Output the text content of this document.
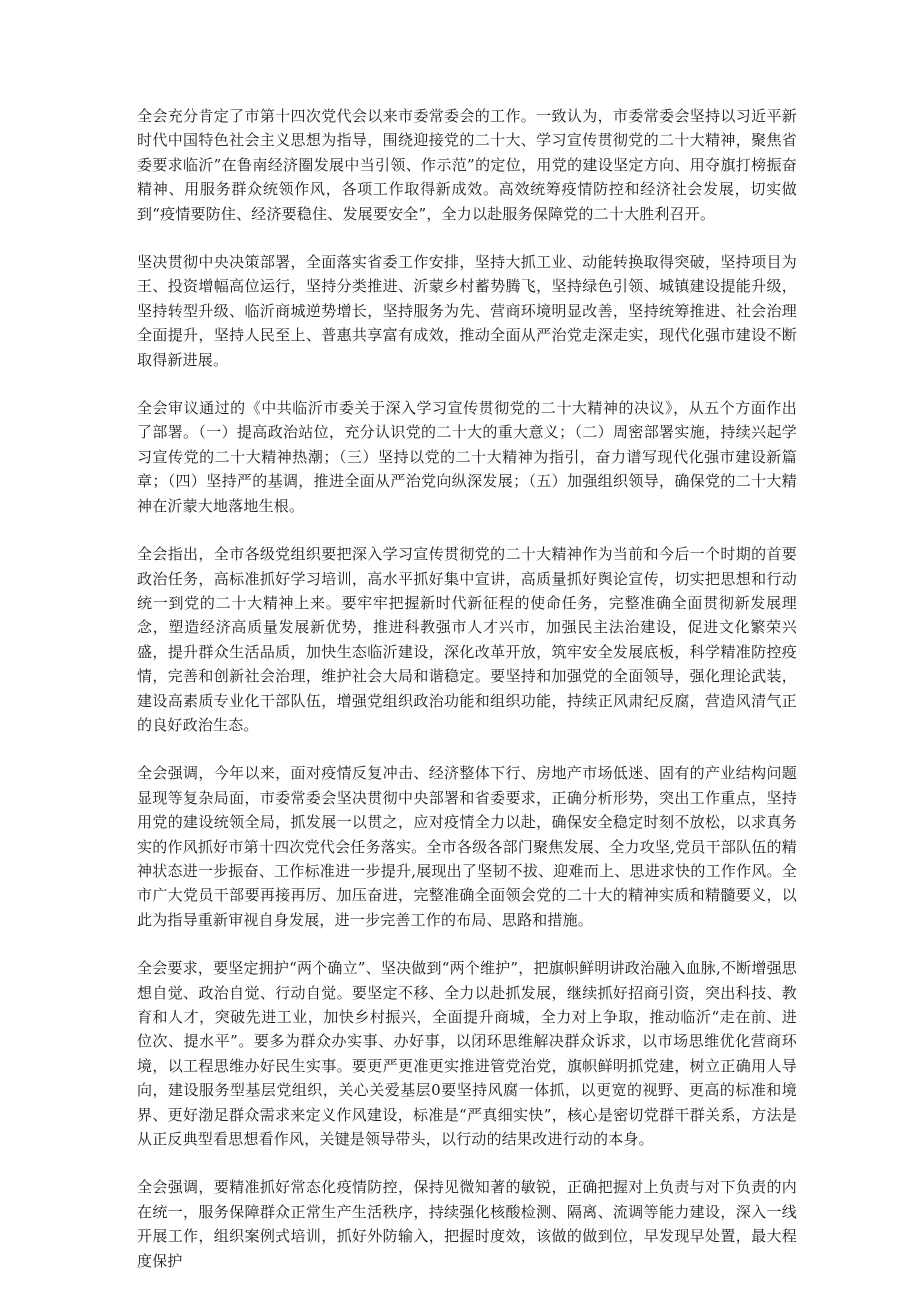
全会充分肯定了市第十四次党代会以来市委常委会的工作。一致认为，市委常委会坚持以习近平新时代中国特色社会主义思想为指导，围绕迎接党的二十大、学习宣传贯彻党的二十大精神，聚焦省委要求临沂”在鲁南经济圈发展中当引领、作示范”的定位，用党的建设坚定方向、用夺旗打榜振奋精神、用服务群众统领作风，各项工作取得新成效。高效统筹疫情防控和经济社会发展，切实做到“疫情要防住、经济要稳住、发展要安全”，全力以赴服务保障党的二十大胜利召开。

坚决贯彻中央决策部署，全面落实省委工作安排，坚持大抓工业、动能转换取得突破，坚持项目为王、投资增幅高位运行，坚持分类推进、沂蒙乡村蓄势腾飞，坚持绿色引领、城镇建设提能升级，坚持转型升级、临沂商城逆势增长，坚持服务为先、营商环境明显改善，坚持统筹推进、社会治理全面提升，坚持人民至上、普惠共享富有成效，推动全面从严治党走深走实，现代化强市建设不断取得新进展。

全会审议通过的《中共临沂市委关于深入学习宣传贯彻党的二十大精神的决议》，从五个方面作出了部署。（一）提高政治站位，充分认识党的二十大的重大意义；（二）周密部署实施，持续兴起学习宣传党的二十大精神热潮；（三）坚持以党的二十大精神为指引，奋力谱写现代化强市建设新篇章；（四）坚持严的基调，推进全面从严治党向纵深发展；（五）加强组织领导，确保党的二十大精神在沂蒙大地落地生根。

全会指出，全市各级党组织要把深入学习宣传贯彻党的二十大精神作为当前和今后一个时期的首要政治任务，高标准抓好学习培训，高水平抓好集中宣讲，高质量抓好舆论宣传，切实把思想和行动统一到党的二十大精神上来。要牢牢把握新时代新征程的使命任务，完整准确全面贯彻新发展理念，塑造经济高质量发展新优势，推进科教强市人才兴市，加强民主法治建设，促进文化繁荣兴盛，提升群众生活品质，加快生态临沂建设，深化改革开放，筑牢安全发展底板，科学精准防控疫情，完善和创新社会治理，维护社会大局和谐稳定。要坚持和加强党的全面领导，强化理论武装，建设高素质专业化干部队伍，增强党组织政治功能和组织功能，持续正风肃纪反腐，营造风清气正的良好政治生态。

全会强调，今年以来，面对疫情反复冲击、经济整体下行、房地产市场低迷、固有的产业结构问题显现等复杂局面，市委常委会坚决贯彻中央部署和省委要求，正确分析形势，突出工作重点，坚持用党的建设统领全局，抓发展一以贯之，应对疫情全力以赴，确保安全稳定时刻不放松，以求真务实的作风抓好市第十四次党代会任务落实。全市各级各部门聚焦发展、全力攻坚,党员干部队伍的精神状态进一步振奋、工作标准进一步提升,展现出了坚韧不拔、迎难而上、思进求快的工作作风。全市广大党员干部要再接再厉、加压奋进，完整准确全面领会党的二十大的精神实质和精髓要义，以此为指导重新审视自身发展，进一步完善工作的布局、思路和措施。

全会要求，要坚定拥护“两个确立”、坚决做到“两个维护”，把旗帜鲜明讲政治融入血脉,不断增强思想自觉、政治自觉、行动自觉。要坚定不移、全力以赴抓发展，继续抓好招商引资，突出科技、教育和人才，突破先进工业，加快乡村振兴，全面提升商城，全力对上争取，推动临沂“走在前、进位次、提水平”。要多为群众办实事、办好事，以闭环思维解决群众诉求，以市场思维优化营商环境，以工程思维办好民生实事。要更严更准更实推进管党治党，旗帜鲜明抓党建，树立正确用人导向，建设服务型基层党组织，关心关爱基层0要坚持风腐一体抓，以更宽的视野、更高的标准和境界、更好渤足群众需求来定义作风建设，标准是“严真细实快”，核心是密切党群干群关系，方法是从正反典型看思想看作风，关键是领导带头，以行动的结果改进行动的本身。

全会强调，要精准抓好常态化疫情防控，保持见微知著的敏锐，正确把握对上负责与对下负责的内在统一，服务保障群众正常生产生活秩序，持续强化核酸检测、隔离、流调等能力建设，深入一线开展工作，组织案例式培训，抓好外防输入，把握时度效，该做的做到位，早发现早处置，最大程度保护
